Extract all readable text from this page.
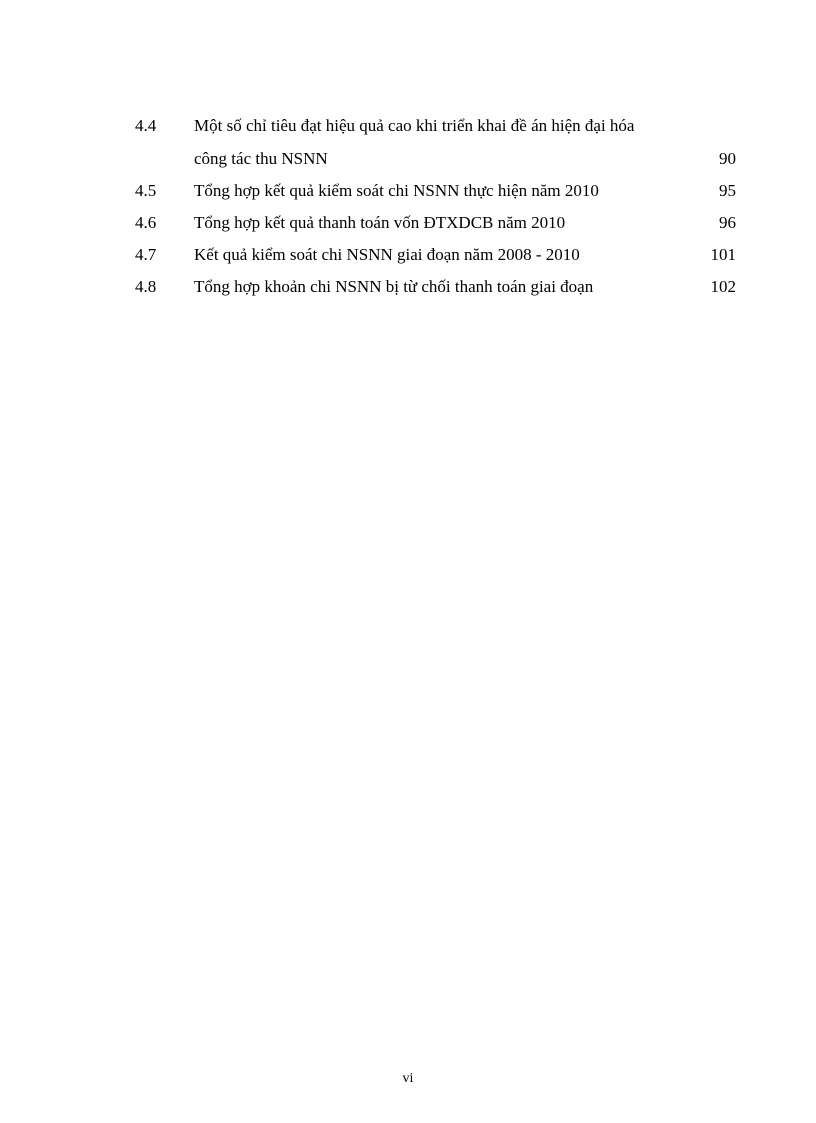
4.4 Một số chỉ tiêu đạt hiệu quả cao khi triển khai đề án hiện đại hóa
công tác thu NSNN	90
4.5 Tổng hợp kết quả kiểm soát chi NSNN thực hiện năm 2010	95
4.6 Tổng hợp kết quả thanh toán vốn ĐTXDCB năm 2010	96
4.7 Kết quả kiểm soát chi NSNN giai đoạn năm 2008 - 2010	101
4.8 Tổng hợp khoản chi NSNN bị từ chối thanh toán giai đoạn	102
vi
